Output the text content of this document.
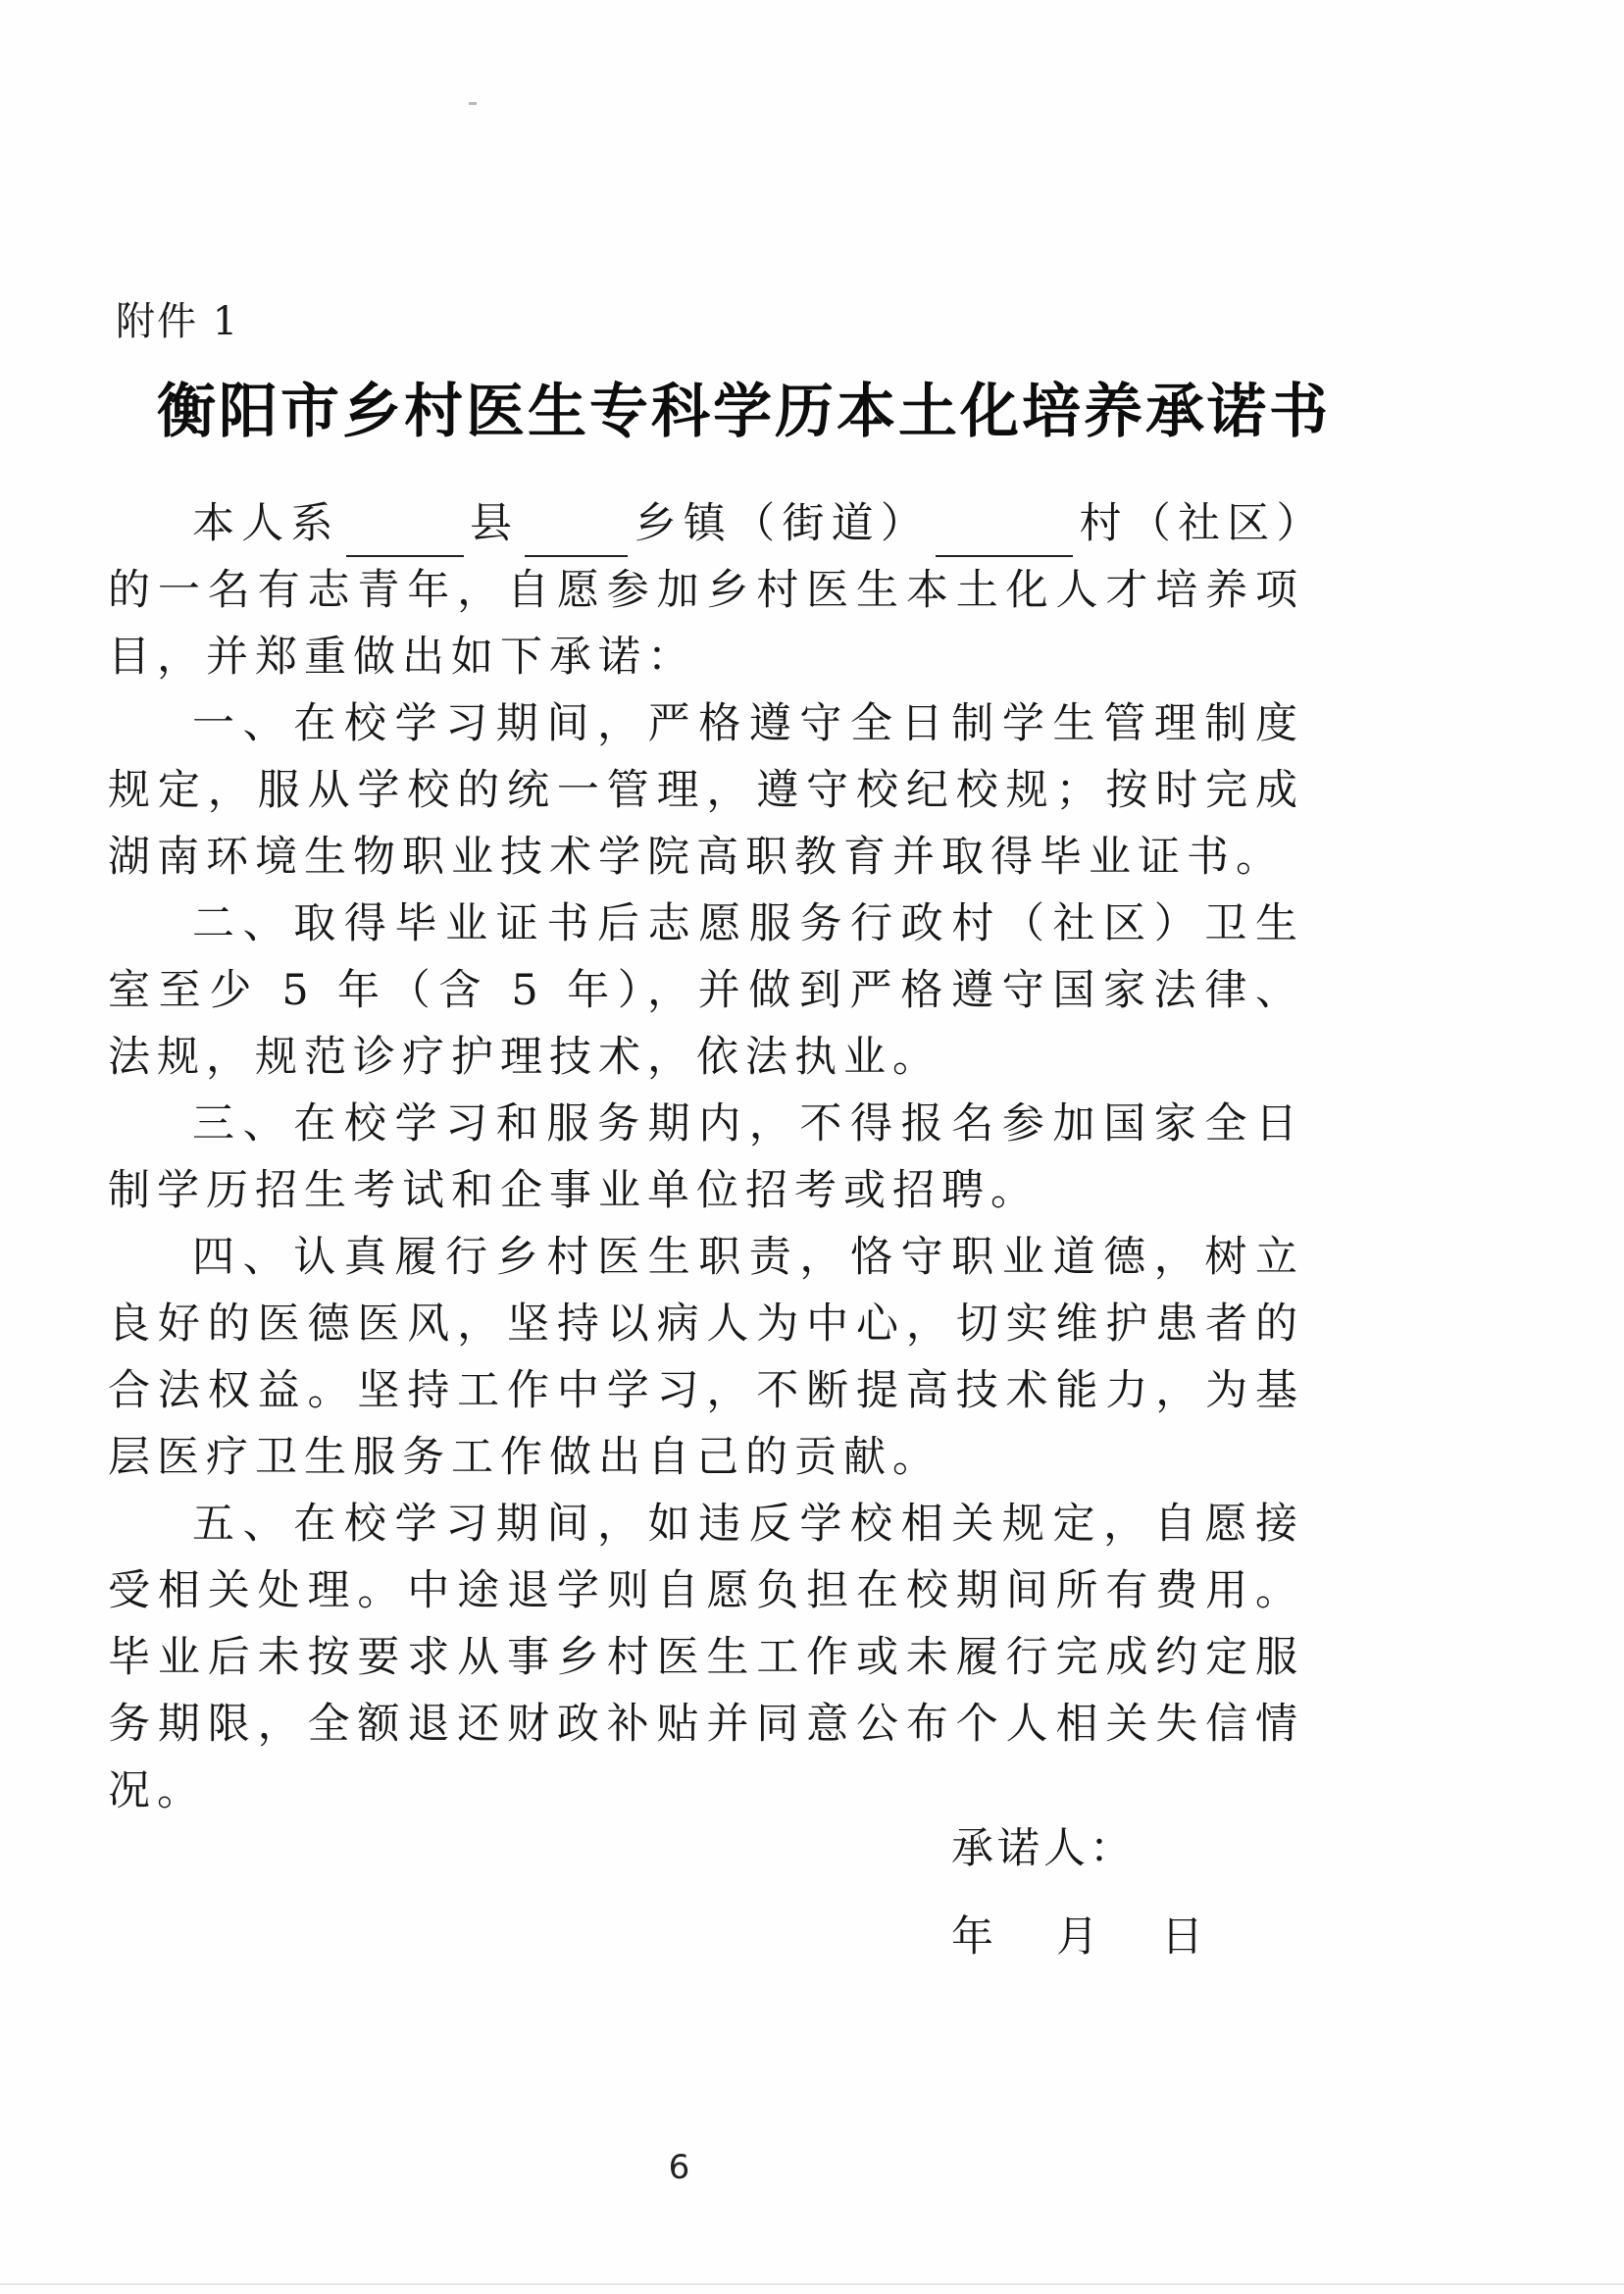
附件 1
衡阳市乡村医生专科学历本土化培养承诺书

本人系	县	乡镇（街道）	村（社区）的一名有志青年，自愿参加乡村医生本土化人才培养项目，并郑重做出如下承诺：

一、在校学习期间，严格遵守全日制学生管理制度规定，服从学校的统一管理，遵守校纪校规；按时完成湖南环境生物职业技术学院高职教育并取得毕业证书。

二、取得毕业证书后志愿服务行政村（社区）卫生室至少 5 年（含 5 年），并做到严格遵守国家法律、法规，规范诊疗护理技术，依法执业。

三、在校学习和服务期内，不得报名参加国家全日制学历招生考试和企事业单位招考或招聘。

四、认真履行乡村医生职责，恪守职业道德，树立良好的医德医风，坚持以病人为中心，切实维护患者的合法权益。坚持工作中学习，不断提高技术能力，为基层医疗卫生服务工作做出自己的贡献。

五、在校学习期间，如违反学校相关规定，自愿接受相关处理。中途退学则自愿负担在校期间所有费用。毕业后未按要求从事乡村医生工作或未履行完成约定服务期限，全额退还财政补贴并同意公布个人相关失信情况。

承诺人：
年 月 日
6
